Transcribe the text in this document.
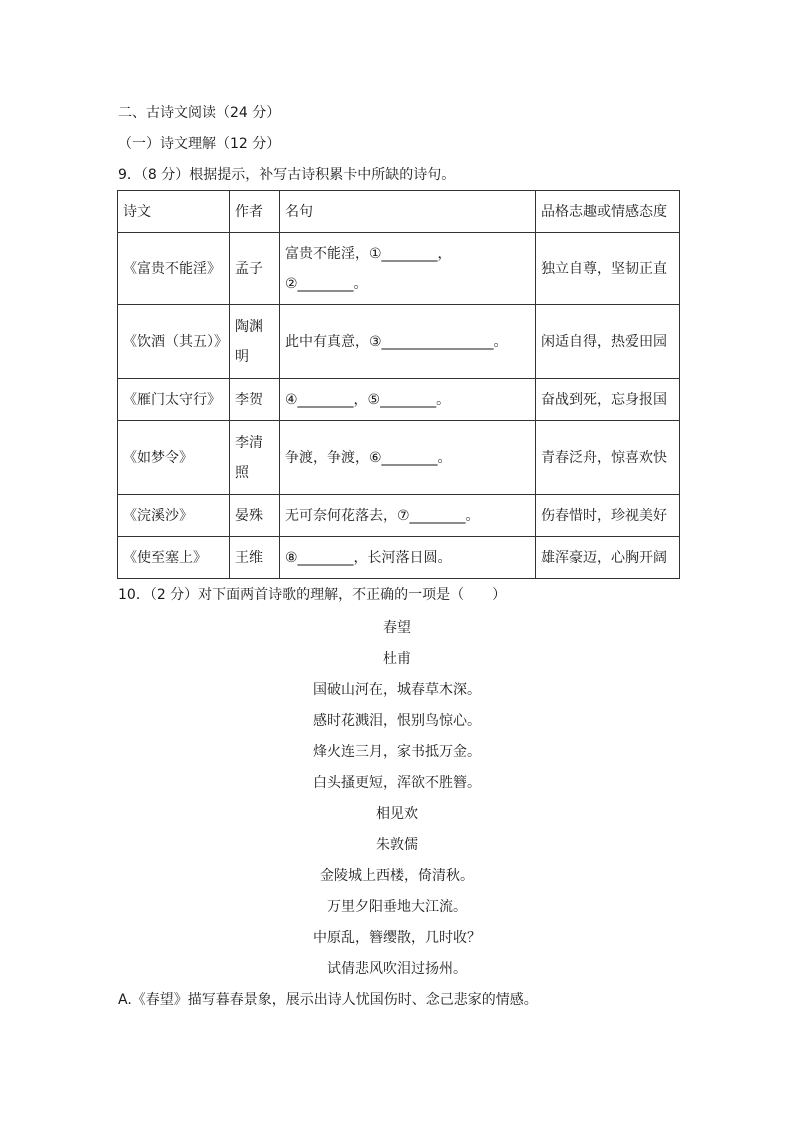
二、古诗文阅读（24 分）
（一）诗文理解（12 分）
9．（8 分）根据提示，补写古诗积累卡中所缺的诗句。
诗文	作者	名句	品格志趣或情感态度
《富贵不能淫》	孟子	富贵不能淫，①________，
②________。	独立自尊，坚韧正直
《饮酒（其五）》	陶渊
明	此中有真意，③________________。	闲适自得，热爱田园
《雁门太守行》	李贺	④________，⑤________。	奋战到死，忘身报国
《如梦令》	李清
照	争渡，争渡，⑥________。	青春泛舟，惊喜欢快
《浣溪沙》	晏殊	无可奈何花落去，⑦________。	伤春惜时，珍视美好
《使至塞上》	王维	⑧________，长河落日圆。	雄浑豪迈，心胸开阔
10．（2 分）对下面两首诗歌的理解，不正确的一项是（　　）
春望
杜甫
国破山河在，城春草木深。
感时花溅泪，恨别鸟惊心。
烽火连三月，家书抵万金。
白头搔更短，浑欲不胜簪。
相见欢
朱敦儒
金陵城上西楼，倚清秋。
万里夕阳垂地大江流。
中原乱，簪缨散，几时收？
试倩悲风吹泪过扬州。
A.《春望》描写暮春景象，展示出诗人忧国伤时、念己悲家的情感。
